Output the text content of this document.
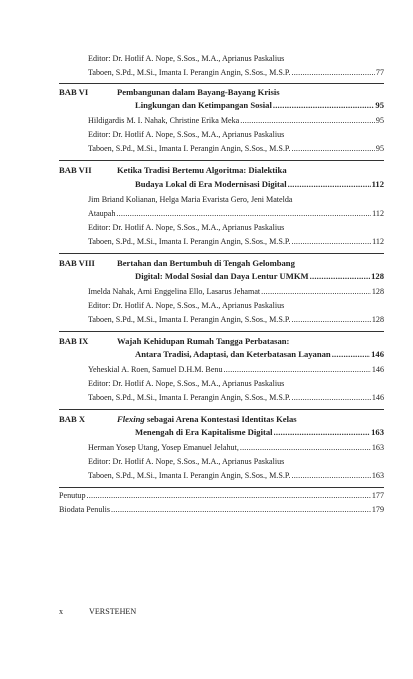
Editor: Dr. Hotlif A. Nope, S.Sos., M.A., Aprianus Paskalius
Taboen, S.Pd., M.Si., Imanta I. Perangin Angin, S.Sos., M.S.P. .....	77
BAB VI	Pembangunan dalam Bayang-Bayang Krisis
Lingkungan dan Ketimpangan Sosial .....	95
Hildigardis M. I. Nahak, Christine Erika Meka .....	95
Editor: Dr. Hotlif A. Nope, S.Sos., M.A., Aprianus Paskalius
Taboen, S.Pd., M.Si., Imanta I. Perangin Angin, S.Sos., M.S.P. .....	95
BAB VII	Ketika Tradisi Bertemu Algoritma: Dialektika
Budaya Lokal di Era Modernisasi Digital .....	112
Jim Briand Kolianan, Helga Maria Evarista Gero, Jeni Matelda
Ataupah .....	112
Editor: Dr. Hotlif A. Nope, S.Sos., M.A., Aprianus Paskalius
Taboen, S.Pd., M.Si., Imanta I. Perangin Angin, S.Sos., M.S.P. .....	112
BAB VIII	Bertahan dan Bertumbuh di Tengah Gelombang
Digital: Modal Sosial dan Daya Lentur UMKM .....	128
Imelda Nahak, Arni Enggelina Ello, Lasarus Jehamat .....	128
Editor: Dr. Hotlif A. Nope, S.Sos., M.A., Aprianus Paskalius
Taboen, S.Pd., M.Si., Imanta I. Perangin Angin, S.Sos., M.S.P. .....	128
BAB IX	Wajah Kehidupan Rumah Tangga Perbatasan:
Antara Tradisi, Adaptasi, dan Keterbatasan Layanan .....	146
Yeheskial A. Roen, Samuel D.H.M. Benu .....	146
Editor: Dr. Hotlif A. Nope, S.Sos., M.A., Aprianus Paskalius
Taboen, S.Pd., M.Si., Imanta I. Perangin Angin, S.Sos., M.S.P. .....	146
BAB X	Flexing sebagai Arena Kontestasi Identitas Kelas
Menengah di Era Kapitalisme Digital .....	163
Herman Yosep Utang, Yosep Emanuel Jelahut, .....	163
Editor: Dr. Hotlif A. Nope, S.Sos., M.A., Aprianus Paskalius
Taboen, S.Pd., M.Si., Imanta I. Perangin Angin, S.Sos., M.S.P. .....	163
Penutup .....	177
Biodata Penulis .....	179
x	VERSTEHEN
